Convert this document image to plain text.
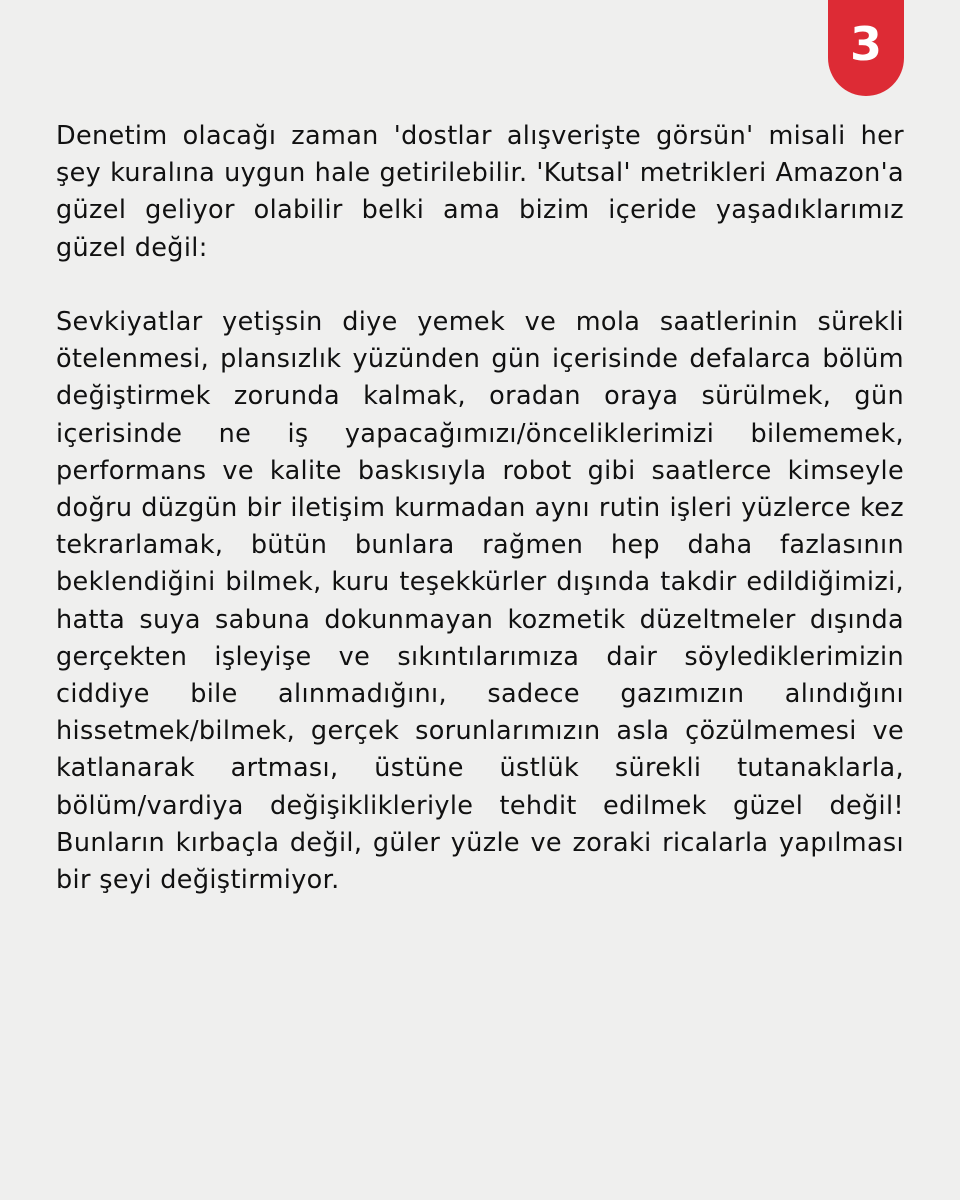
3

Denetim olacağı zaman 'dostlar alışverişte görsün' misali her şey kuralına uygun hale getirilebilir. 'Kutsal' metrikleri Amazon'a güzel geliyor olabilir belki ama bizim içeride yaşadıklarımız güzel değil:

Sevkiyatlar yetişsin diye yemek ve mola saatlerinin sürekli ötelenmesi, plansızlık yüzünden gün içerisinde defalarca bölüm değiştirmek zorunda kalmak, oradan oraya sürülmek, gün içerisinde ne iş yapacağımızı/önceliklerimizi bilememek, performans ve kalite baskısıyla robot gibi saatlerce kimseyle doğru düzgün bir iletişim kurmadan aynı rutin işleri yüzlerce kez tekrarlamak, bütün bunlara rağmen hep daha fazlasının beklendiğini bilmek, kuru teşekkürler dışında takdir edildiğimizi, hatta suya sabuna dokunmayan kozmetik düzeltmeler dışında gerçekten işleyişe ve sıkıntılarımıza dair söylediklerimizin ciddiye bile alınmadığını, sadece gazımızın alındığını hissetmek/bilmek, gerçek sorunlarımızın asla çözülmemesi ve katlanarak artması, üstüne üstlük sürekli tutanaklarla, bölüm/vardiya değişiklikleriyle tehdit edilmek güzel değil! Bunların kırbaçla değil, güler yüzle ve zoraki ricalarla yapılması bir şeyi değiştirmiyor.
